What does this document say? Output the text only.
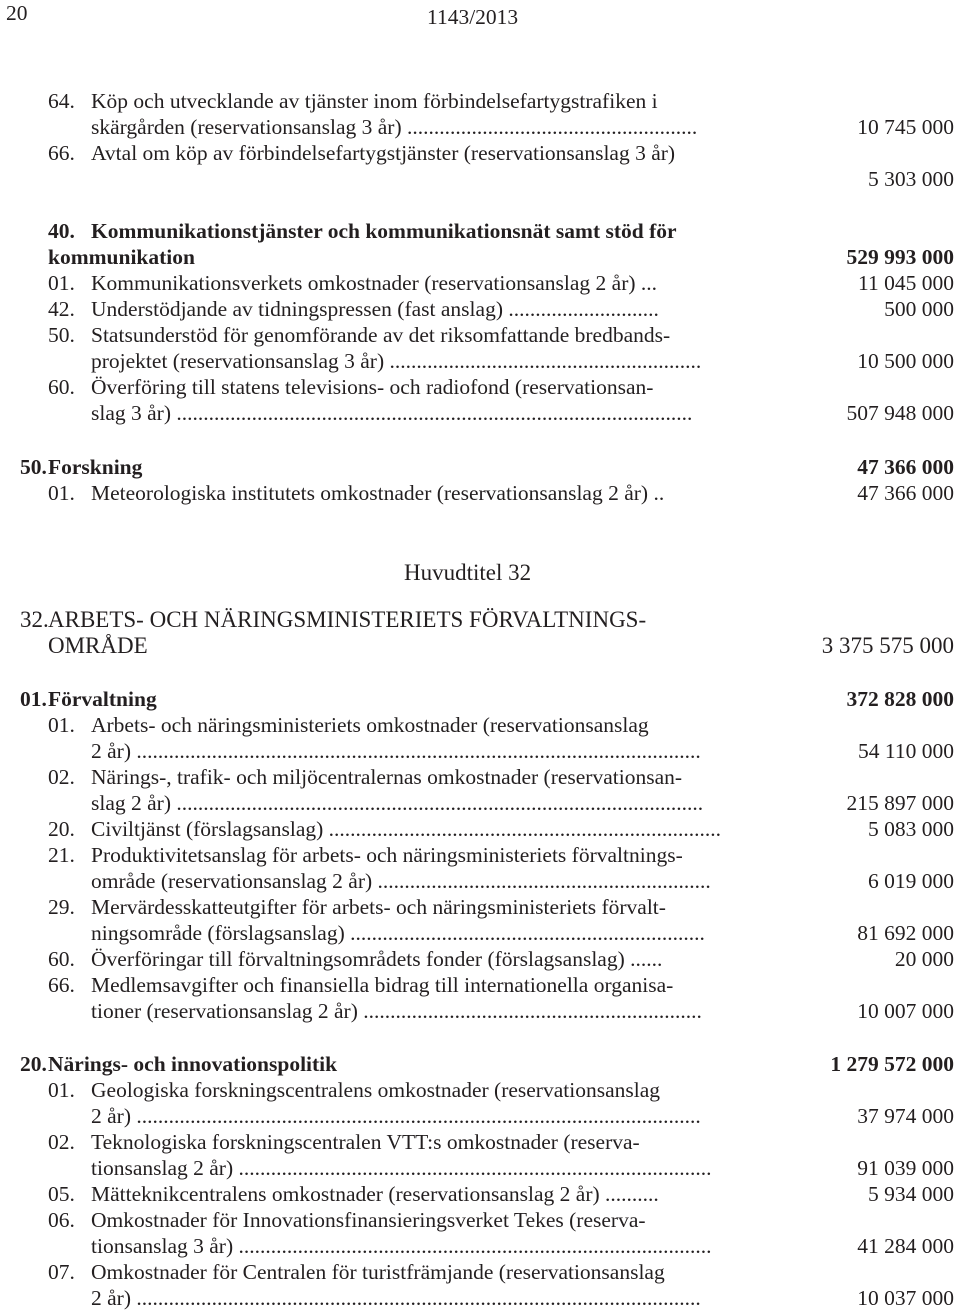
20	1143/2013
64. Köp och utvecklande av tjänster inom förbindelsefartygstrafiken i
skärgården (reservationsanslag 3 år) ......................................................	10 745 000
66. Avtal om köp av förbindelsefartygstjänster (reservationsanslag 3 år)
5 303 000
40. Kommunikationstjänster och kommunikationsnät samt stöd för
kommunikation	529 993 000
01. Kommunikationsverkets omkostnader (reservationsanslag 2 år) ...	11 045 000
42. Understödjande av tidningspressen (fast anslag) ............................	500 000
50. Statsunderstöd för genomförande av det riksomfattande bredbands-
projektet (reservationsanslag 3 år) ..........................................................	10 500 000
60. Överföring till statens televisions- och radiofond (reservationsan-
slag 3 år) ................................................................................................	507 948 000
50. Forskning	47 366 000
01. Meteorologiska institutets omkostnader (reservationsanslag 2 år) ..	47 366 000
Huvudtitel 32
32. ARBETS- OCH NÄRINGSMINISTERIETS FÖRVALTNINGS-
OMRÅDE	3 375 575 000
01. Förvaltning	372 828 000
01. Arbets- och näringsministeriets omkostnader (reservationsanslag
2 år) .........................................................................................................	54 110 000
02. Närings-, trafik- och miljöcentralernas omkostnader (reservationsan-
slag 2 år) ..................................................................................................	215 897 000
20. Civiltjänst (förslagsanslag) .........................................................................	5 083 000
21. Produktivitetsanslag för arbets- och näringsministeriets förvaltnings-
område (reservationsanslag 2 år) ..............................................................	6 019 000
29. Mervärdesskatteutgifter för arbets- och näringsministeriets förvalt-
ningsområde (förslagsanslag) ..................................................................	81 692 000
60. Överföringar till förvaltningsområdets fonder (förslagsanslag) ......	20 000
66. Medlemsavgifter och finansiella bidrag till internationella organisa-
tioner (reservationsanslag 2 år) ...............................................................	10 007 000
20. Närings- och innovationspolitik	1 279 572 000
01. Geologiska forskningscentralens omkostnader (reservationsanslag
2 år) .........................................................................................................	37 974 000
02. Teknologiska forskningscentralen VTT:s omkostnader (reserva-
tionsanslag 2 år) ........................................................................................	91 039 000
05. Mätteknikcentralens omkostnader (reservationsanslag 2 år) ..........	5 934 000
06. Omkostnader för Innovationsfinansieringsverket Tekes (reserva-
tionsanslag 3 år) ........................................................................................	41 284 000
07. Omkostnader för Centralen för turistfrämjande (reservationsanslag
2 år) .........................................................................................................	10 037 000
